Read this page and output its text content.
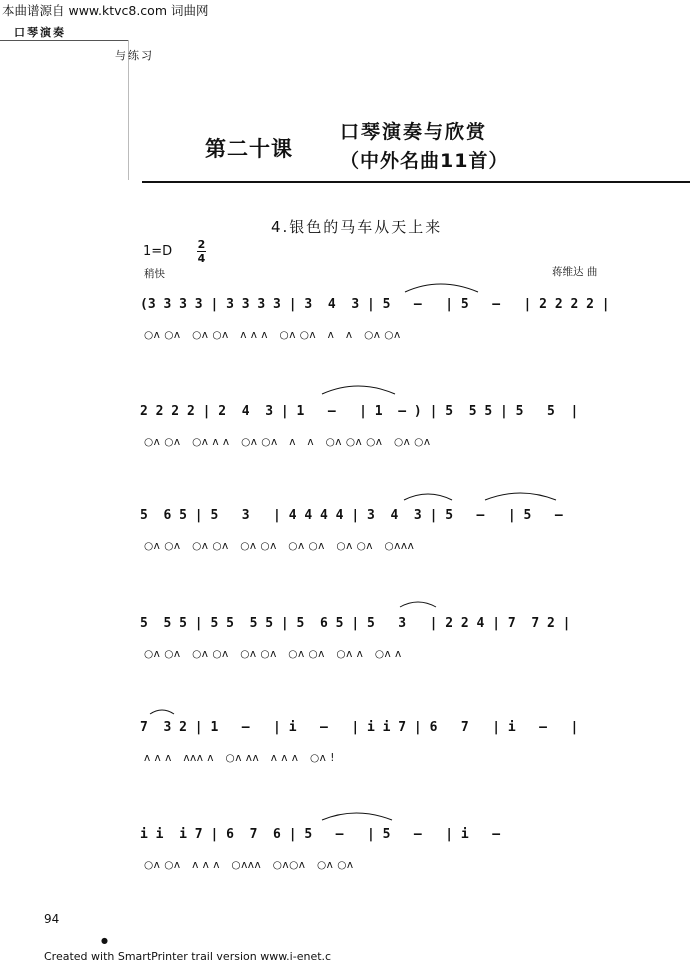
本曲谱源自 www.ktvc8.com 词曲网
口琴演奏
与练习
第二十课
口琴演奏与欣赏
（中外名曲11首）
4.银色的马车从天上来
1=D 2
4
稍快	蒋维达 曲
(3 3 3 3 | 3 3 3 3 | 3  4  3 | 5   –   | 5   –   | 2 2 2 2 |
○ʌ ○ʌ   ○ʌ ○ʌ   ʌ ʌ ʌ   ○ʌ ○ʌ   ʌ   ʌ   ○ʌ ○ʌ
2 2 2 2 | 2  4  3 | 1   –   | 1  – ) | 5  5 5 | 5   5  |
○ʌ ○ʌ   ○ʌ ʌ ʌ   ○ʌ ○ʌ   ʌ   ʌ   ○ʌ ○ʌ ○ʌ   ○ʌ ○ʌ
5  6 5 | 5   3   | 4 4 4 4 | 3  4  3 | 5   –   | 5   –
○ʌ ○ʌ   ○ʌ ○ʌ   ○ʌ ○ʌ   ○ʌ ○ʌ   ○ʌ ○ʌ   ○ʌʌʌ
5  5 5 | 5 5  5 5 | 5  6 5 | 5   3   | 2 2 4 | 7  7 2 |
○ʌ ○ʌ   ○ʌ ○ʌ   ○ʌ ○ʌ   ○ʌ ○ʌ   ○ʌ ʌ   ○ʌ ʌ
7  3 2 | 1   –   | i   –   | i i 7 | 6   7   | i   –   |
ʌ ʌ ʌ   ʌʌʌ ʌ   ○ʌ ʌʌ   ʌ ʌ ʌ   ○ʌ !
i i  i 7 | 6  7  6 | 5   –   | 5   –   | i   –
○ʌ ○ʌ   ʌ ʌ ʌ   ○ʌʌʌ   ○ʌ○ʌ   ○ʌ ○ʌ
94
●
Created with SmartPrinter trail version www.i-enet.c
